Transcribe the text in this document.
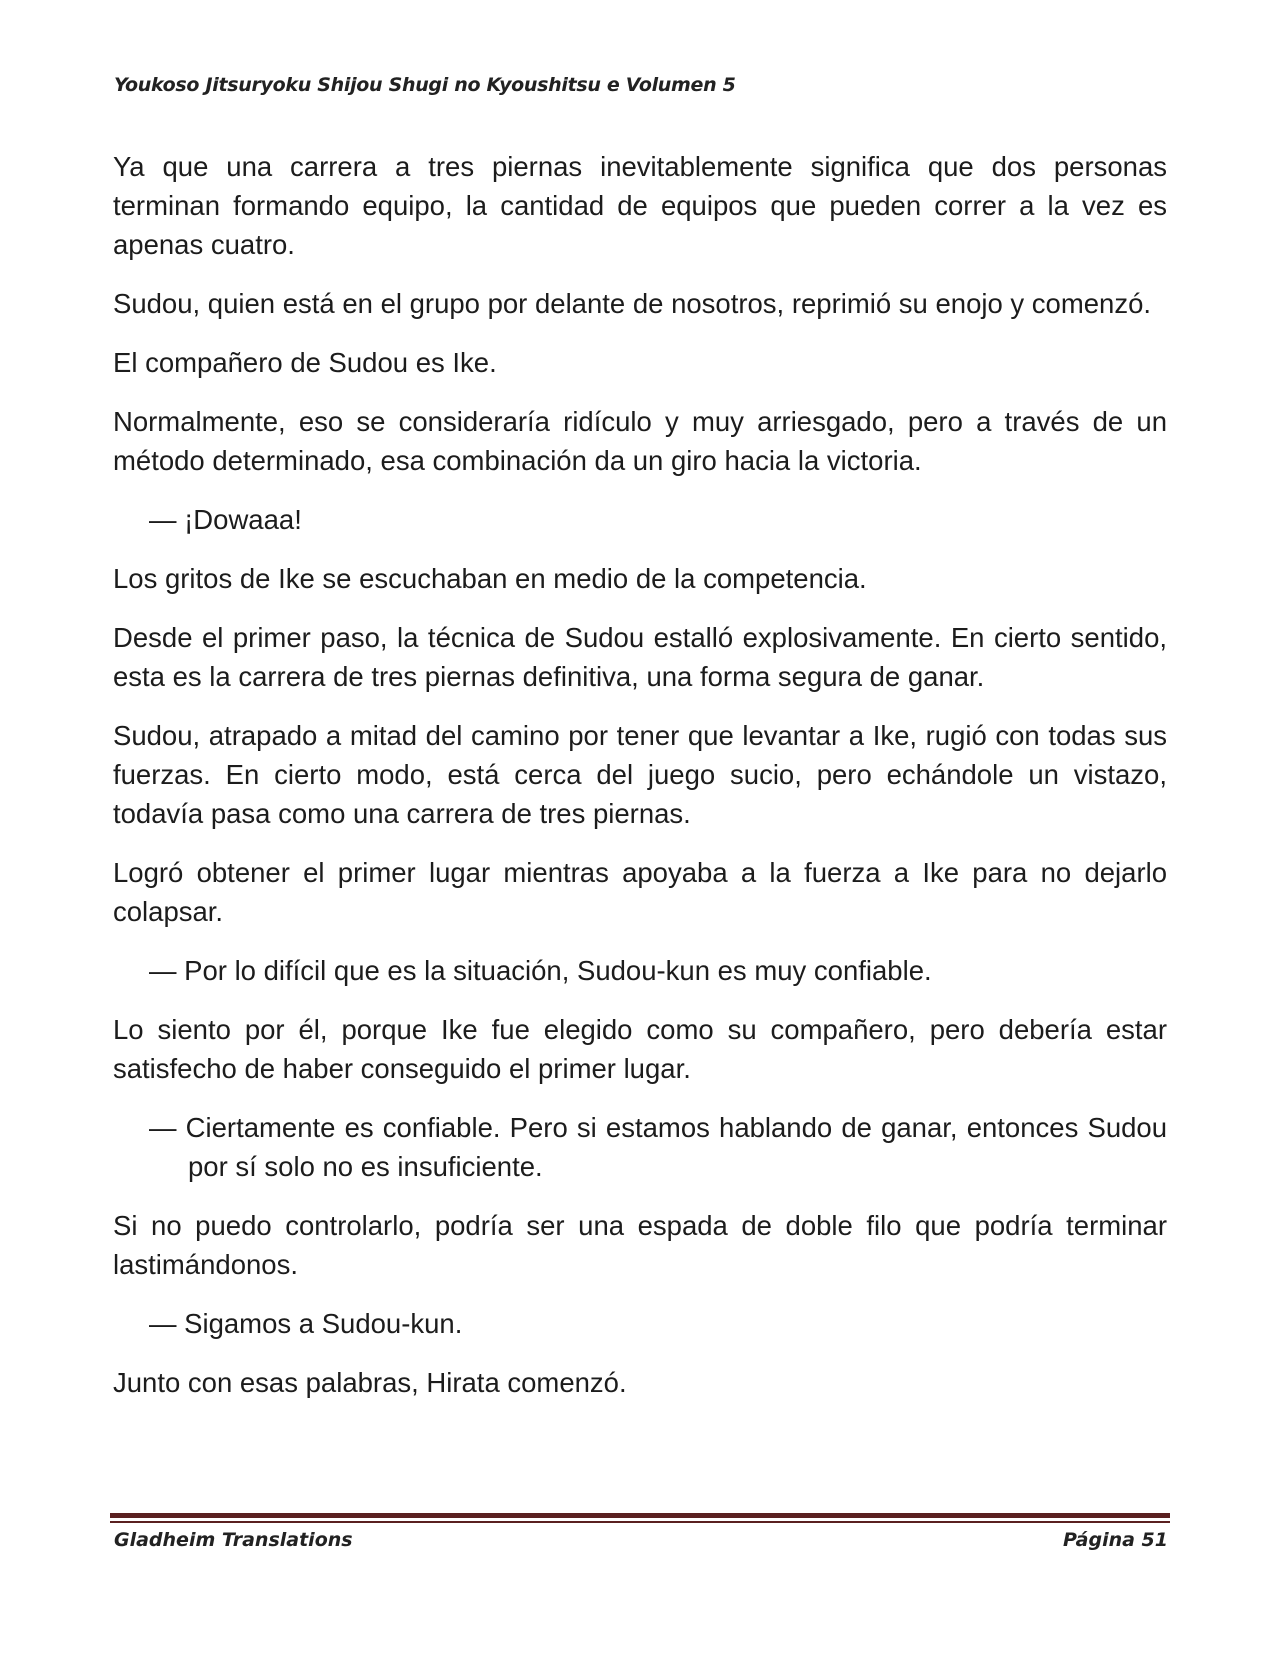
Youkoso Jitsuryoku Shijou Shugi no Kyoushitsu e Volumen 5

Ya que una carrera a tres piernas inevitablemente significa que dos personas terminan formando equipo, la cantidad de equipos que pueden correr a la vez es apenas cuatro.

Sudou, quien está en el grupo por delante de nosotros, reprimió su enojo y comenzó.

El compañero de Sudou es Ike.

Normalmente, eso se consideraría ridículo y muy arriesgado, pero a través de un método determinado, esa combinación da un giro hacia la victoria.

— ¡Dowaaa!

Los gritos de Ike se escuchaban en medio de la competencia.

Desde el primer paso, la técnica de Sudou estalló explosivamente. En cierto sentido, esta es la carrera de tres piernas definitiva, una forma segura de ganar.

Sudou, atrapado a mitad del camino por tener que levantar a Ike, rugió con todas sus fuerzas. En cierto modo, está cerca del juego sucio, pero echándole un vistazo, todavía pasa como una carrera de tres piernas.

Logró obtener el primer lugar mientras apoyaba a la fuerza a Ike para no dejarlo colapsar.

— Por lo difícil que es la situación, Sudou-kun es muy confiable.

Lo siento por él, porque Ike fue elegido como su compañero, pero debería estar satisfecho de haber conseguido el primer lugar.

— Ciertamente es confiable. Pero si estamos hablando de ganar, entonces Sudou por sí solo no es insuficiente.

Si no puedo controlarlo, podría ser una espada de doble filo que podría terminar lastimándonos.

— Sigamos a Sudou-kun.

Junto con esas palabras, Hirata comenzó.

Gladheim Translations	Página 51
